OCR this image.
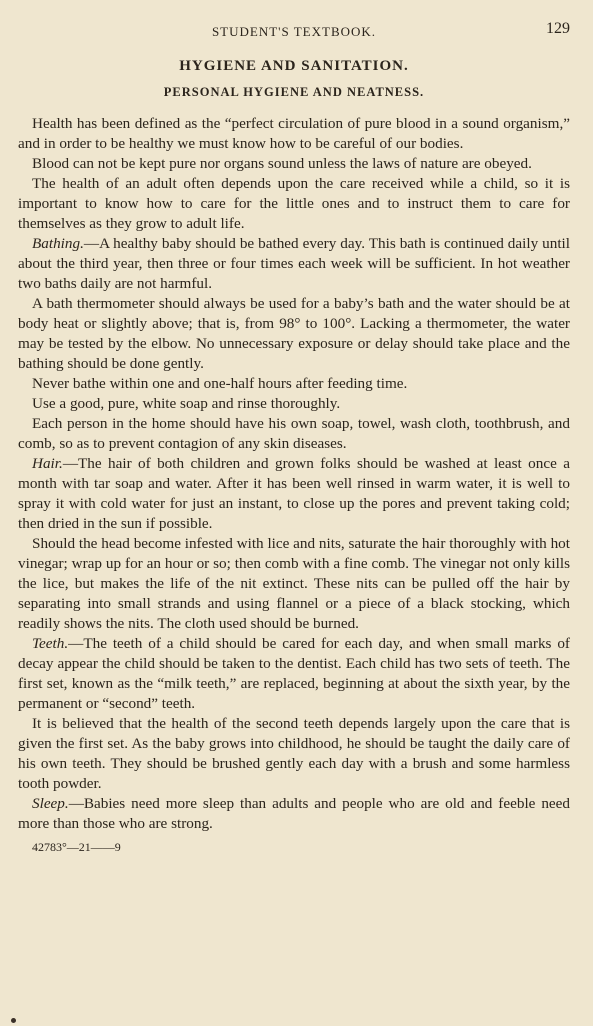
STUDENT'S TEXTBOOK.	129
HYGIENE AND SANITATION.
PERSONAL HYGIENE AND NEATNESS.

Health has been defined as the “perfect circulation of pure blood in a sound organism,” and in order to be healthy we must know how to be careful of our bodies.

Blood can not be kept pure nor organs sound unless the laws of nature are obeyed.

The health of an adult often depends upon the care received while a child, so it is important to know how to care for the little ones and to instruct them to care for themselves as they grow to adult life.

Bathing.—A healthy baby should be bathed every day. This bath is continued daily until about the third year, then three or four times each week will be sufficient. In hot weather two baths daily are not harmful.

A bath thermometer should always be used for a baby’s bath and the water should be at body heat or slightly above; that is, from 98° to 100°. Lacking a thermometer, the water may be tested by the elbow. No unnecessary exposure or delay should take place and the bathing should be done gently.

Never bathe within one and one-half hours after feeding time.

Use a good, pure, white soap and rinse thoroughly.

Each person in the home should have his own soap, towel, wash cloth, toothbrush, and comb, so as to prevent contagion of any skin diseases.

Hair.—The hair of both children and grown folks should be washed at least once a month with tar soap and water. After it has been well rinsed in warm water, it is well to spray it with cold water for just an instant, to close up the pores and prevent taking cold; then dried in the sun if possible.

Should the head become infested with lice and nits, saturate the hair thoroughly with hot vinegar; wrap up for an hour or so; then comb with a fine comb. The vinegar not only kills the lice, but makes the life of the nit extinct. These nits can be pulled off the hair by separating into small strands and using flannel or a piece of a black stocking, which readily shows the nits. The cloth used should be burned.

Teeth.—The teeth of a child should be cared for each day, and when small marks of decay appear the child should be taken to the dentist. Each child has two sets of teeth. The first set, known as the “milk teeth,” are replaced, beginning at about the sixth year, by the permanent or “second” teeth.

It is believed that the health of the second teeth depends largely upon the care that is given the first set. As the baby grows into childhood, he should be taught the daily care of his own teeth. They should be brushed gently each day with a brush and some harmless tooth powder.

Sleep.—Babies need more sleep than adults and people who are old and feeble need more than those who are strong.

42783°—21——9
